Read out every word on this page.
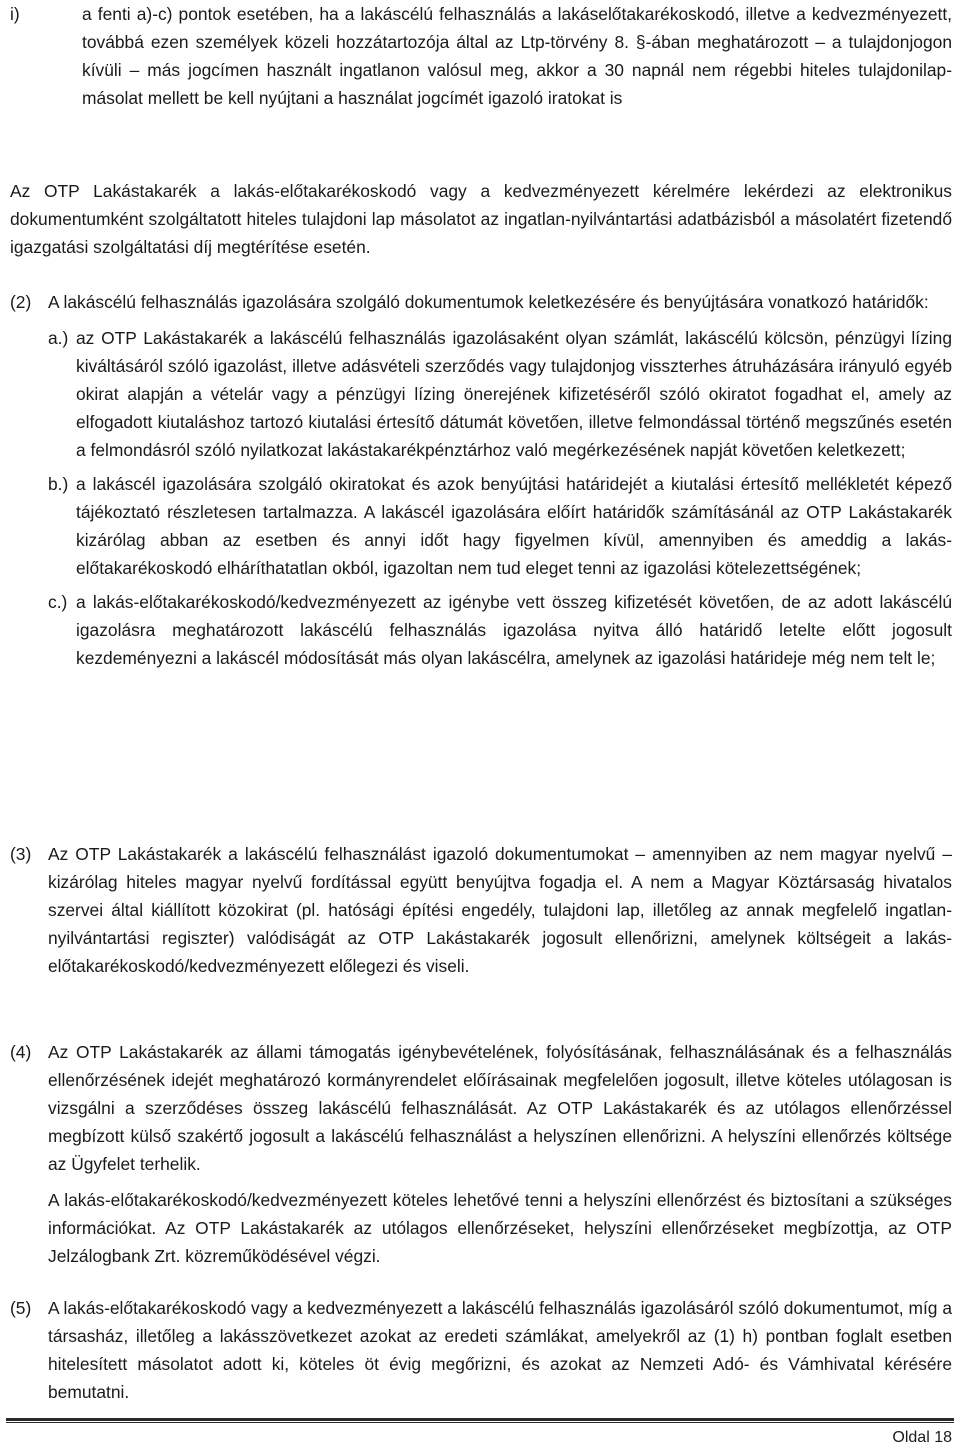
i)	a fenti a)-c) pontok esetében, ha a lakáscélú felhasználás a lakáselőtakarékoskodó, illetve a kedvezményezett, továbbá ezen személyek közeli hozzátartozója által az Ltp-törvény 8. §-ában meghatározott – a tulajdonjogon kívüli – más jogcímen használt ingatlanon valósul meg, akkor a 30 napnál nem régebbi hiteles tulajdonilap-másolat mellett be kell nyújtani a használat jogcímét igazoló iratokat is

Az OTP Lakástakarék a lakás-előtakarékoskodó vagy a kedvezményezett kérelmére lekérdezi az elektronikus dokumentumként szolgáltatott hiteles tulajdoni lap másolatot az ingatlan-nyilvántartási adatbázisból a másolatért fizetendő igazgatási szolgáltatási díj megtérítése esetén.

(2) A lakáscélú felhasználás igazolására szolgáló dokumentumok keletkezésére és benyújtására vonatkozó határidők:

a.) az OTP Lakástakarék a lakáscélú felhasználás igazolásaként olyan számlát, lakáscélú kölcsön, pénzügyi lízing kiváltásáról szóló igazolást, illetve adásvételi szerződés vagy tulajdonjog visszterhes átruházására irányuló egyéb okirat alapján a vételár vagy a pénzügyi lízing önerejének kifizetéséről szóló okiratot fogadhat el, amely az elfogadott kiutaláshoz tartozó kiutalási értesítő dátumát követően, illetve felmondással történő megszűnés esetén a felmondásról szóló nyilatkozat lakástakarékpénztárhoz való megérkezésének napját követően keletkezett;

b.) a lakáscél igazolására szolgáló okiratokat és azok benyújtási határidejét a kiutalási értesítő mellékletét képező tájékoztató részletesen tartalmazza. A lakáscél igazolására előírt határidők számításánál az OTP Lakástakarék kizárólag abban az esetben és annyi időt hagy figyelmen kívül, amennyiben és ameddig a lakás-előtakarékoskodó elháríthatatlan okból, igazoltan nem tud eleget tenni az igazolási kötelezettségének;

c.) a lakás-előtakarékoskodó/kedvezményezett az igénybe vett összeg kifizetését követően, de az adott lakáscélú igazolásra meghatározott lakáscélú felhasználás igazolása nyitva álló határidő letelte előtt jogosult kezdeményezni a lakáscél módosítását más olyan lakáscélra, amelynek az igazolási határideje még nem telt le;

(3) Az OTP Lakástakarék a lakáscélú felhasználást igazoló dokumentumokat – amennyiben az nem magyar nyelvű – kizárólag hiteles magyar nyelvű fordítással együtt benyújtva fogadja el. A nem a Magyar Köztársaság hivatalos szervei által kiállított közokirat (pl. hatósági építési engedély, tulajdoni lap, illetőleg az annak megfelelő ingatlan-nyilvántartási regiszter) valódiságát az OTP Lakástakarék jogosult ellenőrizni, amelynek költségeit a lakás-előtakarékoskodó/kedvezményezett előlegezi és viseli.

(4) Az OTP Lakástakarék az állami támogatás igénybevételének, folyósításának, felhasználásának és a felhasználás ellenőrzésének idejét meghatározó kormányrendelet előírásainak megfelelően jogosult, illetve köteles utólagosan is vizsgálni a szerződéses összeg lakáscélú felhasználását. Az OTP Lakástakarék és az utólagos ellenőrzéssel megbízott külső szakértő jogosult a lakáscélú felhasználást a helyszínen ellenőrizni. A helyszíni ellenőrzés költsége az Ügyfelet terhelik.

A lakás-előtakarékoskodó/kedvezményezett köteles lehetővé tenni a helyszíni ellenőrzést és biztosítani a szükséges információkat. Az OTP Lakástakarék az utólagos ellenőrzéseket, helyszíni ellenőrzéseket megbízottja, az OTP Jelzálogbank Zrt. közreműködésével végzi.

(5) A lakás-előtakarékoskodó vagy a kedvezményezett a lakáscélú felhasználás igazolásáról szóló dokumentumot, míg a társasház, illetőleg a lakásszövetkezet azokat az eredeti számlákat, amelyekről az (1) h) pontban foglalt esetben hitelesített másolatot adott ki, köteles öt évig megőrizni, és azokat az Nemzeti Adó- és Vámhivatal kérésére bemutatni.

Oldal 18
